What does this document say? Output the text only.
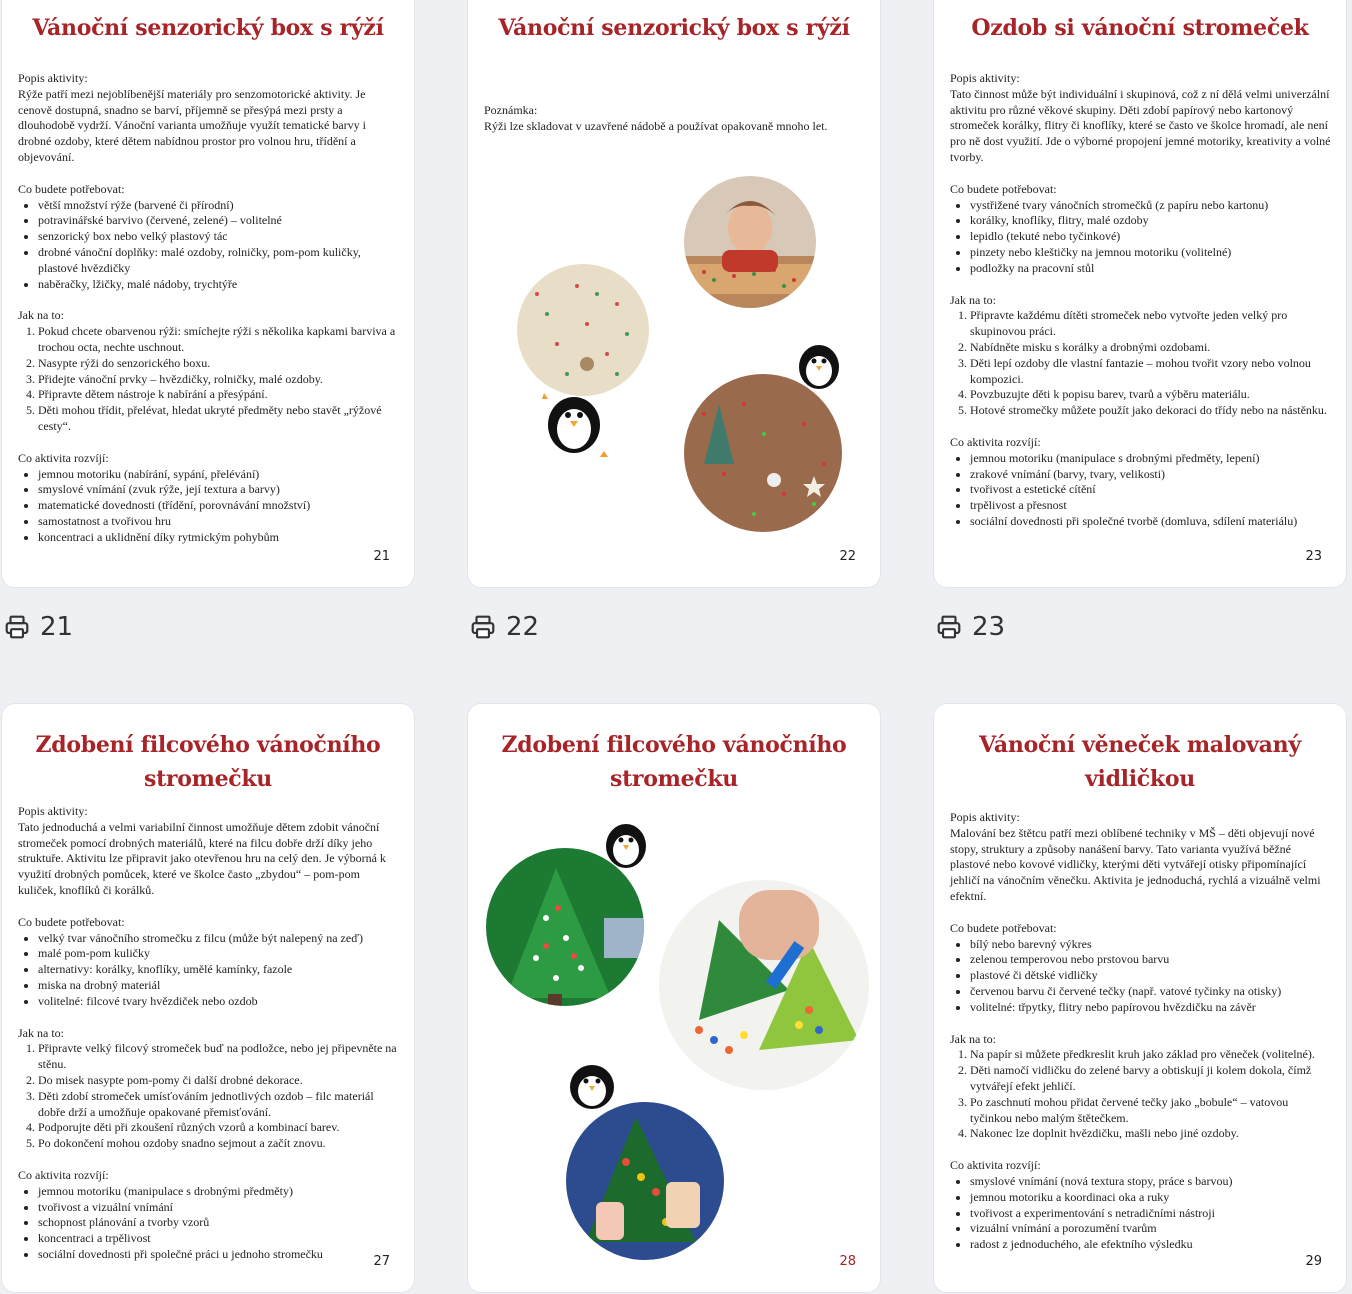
Vánoční senzorický box s rýží

Popis aktivity:

Rýže patří mezi nejoblíbenější materiály pro senzomotorické aktivity. Je cenově dostupná, snadno se barví, příjemně se přesýpá mezi prsty a dlouhodobě vydrží. Vánoční varianta umožňuje využít tematické barvy i drobné ozdoby, které dětem nabídnou prostor pro volnou hru, třídění a objevování.

Co budete potřebovat:

• větší množství rýže (barvené či přírodní)
• potravinářské barvivo (červené, zelené) – volitelné
• senzorický box nebo velký plastový tác
• drobné vánoční doplňky: malé ozdoby, rolničky, pom-pom kuličky, plastové hvězdičky
• naběračky, lžičky, malé nádoby, trychtýře

Jak na to:

1. Pokud chcete obarvenou rýži: smíchejte rýži s několika kapkami barviva a trochou octa, nechte uschnout.
2. Nasypte rýži do senzorického boxu.
3. Přidejte vánoční prvky – hvězdičky, rolničky, malé ozdoby.
4. Připravte dětem nástroje k nabírání a přesýpání.
5. Děti mohou třídit, přelévat, hledat ukryté předměty nebo stavět „rýžové cesty“.

Co aktivita rozvíjí:

• jemnou motoriku (nabírání, sypání, přelévání)
• smyslové vnímání (zvuk rýže, její textura a barvy)
• matematické dovednosti (třídění, porovnávání množství)
• samostatnost a tvořivou hru
• koncentraci a uklidnění díky rytmickým pohybům
21
Vánoční senzorický box s rýží

Poznámka:

Rýži lze skladovat v uzavřené nádobě a používat opakovaně mnoho let.

22
Ozdob si vánoční stromeček

Popis aktivity:

Tato činnost může být individuální i skupinová, což z ní dělá velmi univerzální aktivitu pro různé věkové skupiny. Děti zdobí papírový nebo kartonový stromeček korálky, flitry či knoflíky, které se často ve školce hromadí, ale není pro ně dost využití. Jde o výborné propojení jemné motoriky, kreativity a volné tvorby.

Co budete potřebovat:

• vystřižené tvary vánočních stromečků (z papíru nebo kartonu)
• korálky, knoflíky, flitry, malé ozdoby
• lepidlo (tekuté nebo tyčinkové)
• pinzety nebo kleštičky na jemnou motoriku (volitelné)
• podložky na pracovní stůl

Jak na to:

1. Připravte každému dítěti stromeček nebo vytvořte jeden velký pro skupinovou práci.
2. Nabídněte misku s korálky a drobnými ozdobami.
3. Děti lepí ozdoby dle vlastní fantazie – mohou tvořit vzory nebo volnou kompozici.
4. Povzbuzujte děti k popisu barev, tvarů a výběru materiálu.
5. Hotové stromečky můžete použít jako dekoraci do třídy nebo na nástěnku.

Co aktivita rozvíjí:

• jemnou motoriku (manipulace s drobnými předměty, lepení)
• zrakové vnímání (barvy, tvary, velikosti)
• tvořivost a estetické cítění
• trpělivost a přesnost
• sociální dovednosti při společné tvorbě (domluva, sdílení materiálu)
23
21	22	23
Zdobení filcového vánočního stromečku

Popis aktivity:

Tato jednoduchá a velmi variabilní činnost umožňuje dětem zdobit vánoční stromeček pomocí drobných materiálů, které na filcu dobře drží díky jeho struktuře. Aktivitu lze připravit jako otevřenou hru na celý den. Je výborná k využití drobných pomůcek, které ve školce často „zbydou“ – pom-pom kuliček, knoflíků či korálků.

Co budete potřebovat:

• velký tvar vánočního stromečku z filcu (může být nalepený na zeď)
• malé pom-pom kuličky
• alternativy: korálky, knoflíky, umělé kamínky, fazole
• miska na drobný materiál
• volitelné: filcové tvary hvězdiček nebo ozdob

Jak na to:

1. Připravte velký filcový stromeček buď na podložce, nebo jej připevněte na stěnu.
2. Do misek nasypte pom-pomy či další drobné dekorace.
3. Děti zdobí stromeček umísťováním jednotlivých ozdob – filc materiál dobře drží a umožňuje opakované přemisťování.
4. Podporujte děti při zkoušení různých vzorů a kombinací barev.
5. Po dokončení mohou ozdoby snadno sejmout a začít znovu.

Co aktivita rozvíjí:

• jemnou motoriku (manipulace s drobnými předměty)
• tvořivost a vizuální vnímání
• schopnost plánování a tvorby vzorů
• koncentraci a trpělivost
• sociální dovednosti při společné práci u jednoho stromečku
27
Zdobení filcového vánočního stromečku
28
Vánoční věneček malovaný vidličkou

Popis aktivity:

Malování bez štětcu patří mezi oblíbené techniky v MŠ – děti objevují nové stopy, struktury a způsoby nanášení barvy. Tato varianta využívá běžné plastové nebo kovové vidličky, kterými děti vytvářejí otisky připomínající jehličí na vánočním věnečku. Aktivita je jednoduchá, rychlá a vizuálně velmi efektní.

Co budete potřebovat:

• bílý nebo barevný výkres
• zelenou temperovou nebo prstovou barvu
• plastové či dětské vidličky
• červenou barvu či červené tečky (např. vatové tyčinky na otisky)
• volitelné: třpytky, flitry nebo papírovou hvězdičku na závěr

Jak na to:

1. Na papír si můžete předkreslit kruh jako základ pro věneček (volitelné).
2. Děti namočí vidličku do zelené barvy a obtiskují ji kolem dokola, čímž vytvářejí efekt jehličí.
3. Po zaschnutí mohou přidat červené tečky jako „bobule“ – vatovou tyčinkou nebo malým štětečkem.
4. Nakonec lze doplnit hvězdičku, mašli nebo jiné ozdoby.

Co aktivita rozvíjí:

• smyslové vnímání (nová textura stopy, práce s barvou)
• jemnou motoriku a koordinaci oka a ruky
• tvořivost a experimentování s netradičními nástroji
• vizuální vnímání a porozumění tvarům
• radost z jednoduchého, ale efektního výsledku
29
